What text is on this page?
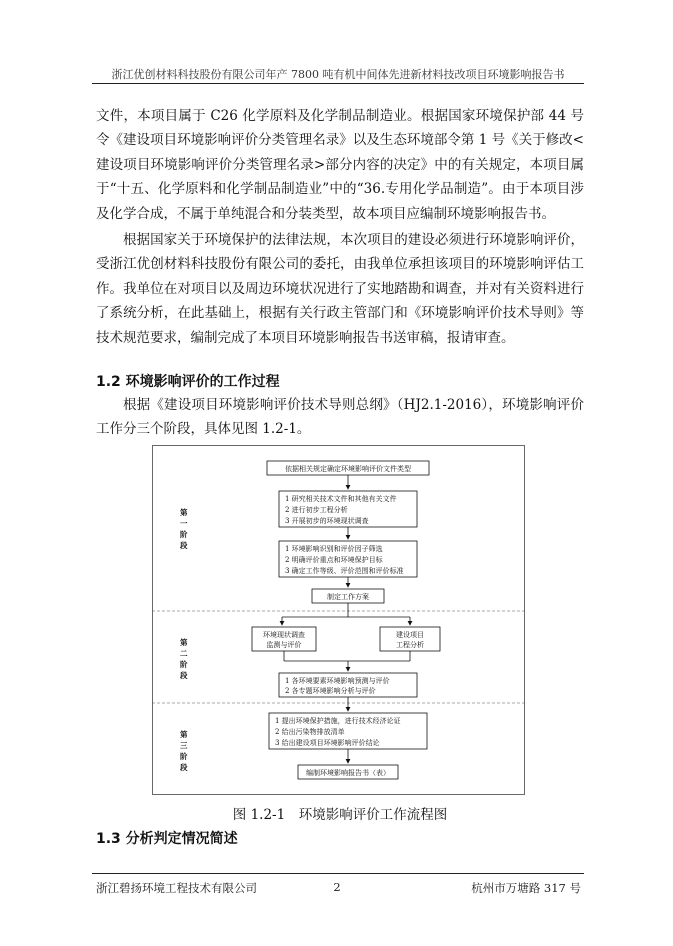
浙江优创材料科技股份有限公司年产 7800 吨有机中间体先进新材料技改项目环境影响报告书

文件，本项目属于 C26 化学原料及化学制品制造业。根据国家环境保护部 44 号令《建设项目环境影响评价分类管理名录》以及生态环境部令第 1 号《关于修改<建设项目环境影响评价分类管理名录>部分内容的决定》中的有关规定，本项目属于“十五、化学原料和化学制品制造业”中的“36.专用化学品制造”。由于本项目涉及化学合成，不属于单纯混合和分装类型，故本项目应编制环境影响报告书。

根据国家关于环境保护的法律法规，本次项目的建设必须进行环境影响评价，受浙江优创材料科技股份有限公司的委托，由我单位承担该项目的环境影响评估工作。我单位在对项目以及周边环境状况进行了实地踏勘和调查，并对有关资料进行了系统分析，在此基础上，根据有关行政主管部门和《环境影响评价技术导则》等技术规范要求，编制完成了本项目环境影响报告书送审稿，报请审查。

1.2 环境影响评价的工作过程

根据《建设项目环境影响评价技术导则总纲》（HJ2.1-2016），环境影响评价工作分三个阶段，具体见图 1.2-1。

第一阶段
第二阶段
第三阶段
依据相关规定确定环境影响评价文件类型
1 研究相关技术文件和其他有关文件
2 进行初步工程分析
3 开展初步的环境现状调查
1 环境影响识别和评价因子筛选
2 明确评价重点和环境保护目标
3 确定工作等级、评价范围和评价标准
制定工作方案
环境现状调查
监测与评价
建设项目
工程分析
1 各环境要素环境影响预测与评价
2 各专题环境影响分析与评价
1 提出环境保护措施，进行技术经济论证
2 给出污染物排放清单
3 给出建设项目环境影响评价结论
编制环境影响报告书（表）
图 1.2-1　环境影响评价工作流程图
1.3 分析判定情况简述
浙江碧扬环境工程技术有限公司	2	杭州市万塘路 317 号
